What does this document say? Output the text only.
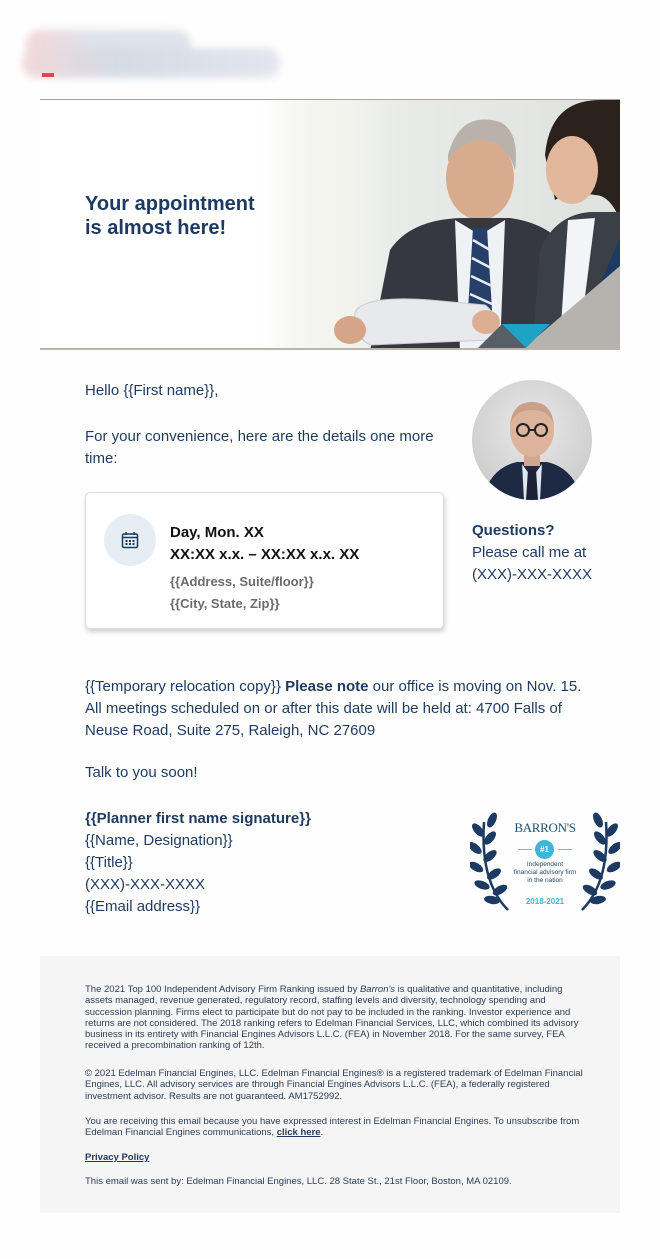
Your appointment
is almost here!
Hello {{First name}},
For your convenience, here are the details one more time:
Questions?
Please call me at
(XXX)-XXX-XXXX
Day, Mon. XX
XX:XX x.x. – XX:XX x.x. XX
{{Address, Suite/floor}}
{{City, State, Zip}}
{{Temporary relocation copy}} Please note our office is moving on Nov. 15. All meetings scheduled on or after this date will be held at: 4700 Falls of Neuse Road, Suite 275, Raleigh, NC 27609
Talk to you soon!
{{Planner first name signature}}
{{Name, Designation}}
{{Title}}
(XXX)-XXX-XXXX
{{Email address}}
BARRON'S
#1
Independent
financial advisory firm
in the nation
2018-2021

The 2021 Top 100 Independent Advisory Firm Ranking issued by Barron's is qualitative and quantitative, including assets managed, revenue generated, regulatory record, staffing levels and diversity, technology spending and succession planning. Firms elect to participate but do not pay to be included in the ranking. Investor experience and returns are not considered. The 2018 ranking refers to Edelman Financial Services, LLC, which combined its advisory business in its entirety with Financial Engines Advisors L.L.C. (FEA) in November 2018. For the same survey, FEA received a precombination ranking of 12th.

© 2021 Edelman Financial Engines, LLC. Edelman Financial Engines® is a registered trademark of Edelman Financial Engines, LLC. All advisory services are through Financial Engines Advisors L.L.C. (FEA), a federally registered investment advisor. Results are not guaranteed. AM1752992.

You are receiving this email because you have expressed interest in Edelman Financial Engines. To unsubscribe from Edelman Financial Engines communications, click here.

Privacy Policy

This email was sent by: Edelman Financial Engines, LLC. 28 State St., 21st Floor, Boston, MA 02109.
